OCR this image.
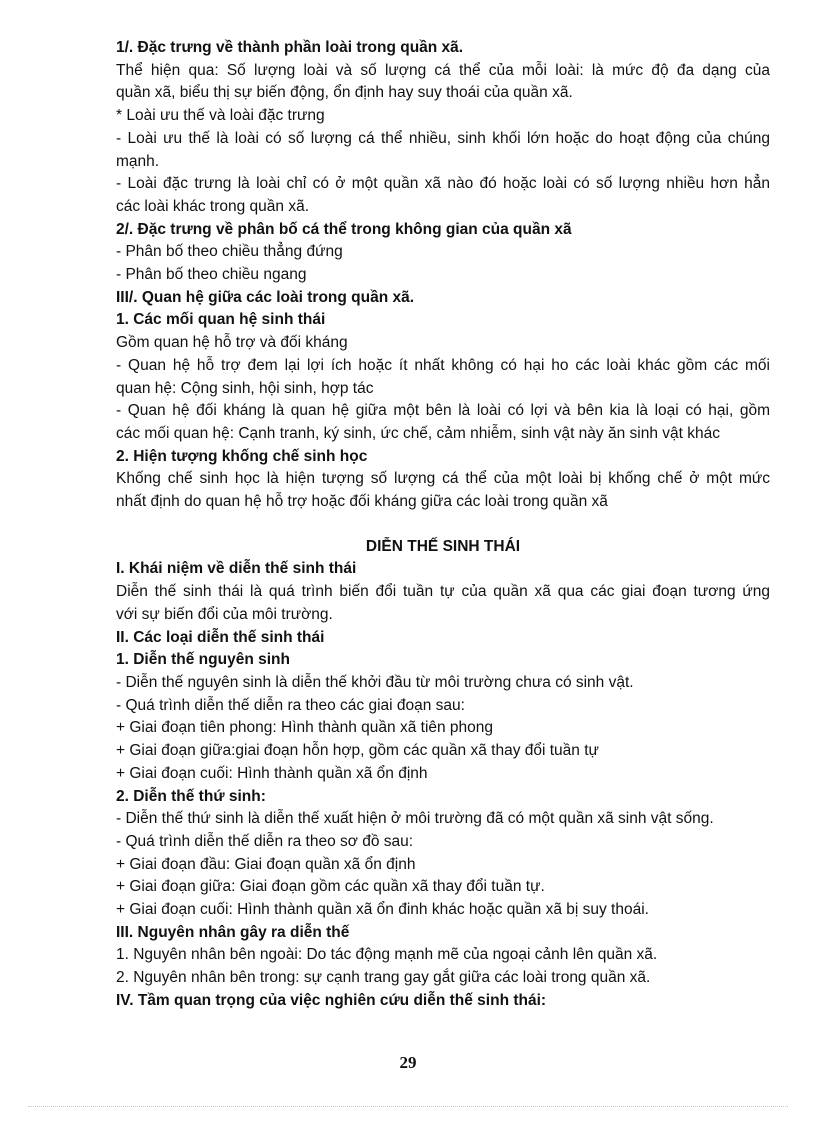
1/. Đặc trưng về thành phần loài trong quần xã.
Thể hiện qua: Số lượng loài và số lượng cá thể của mỗi loài: là mức độ đa dạng của
quần xã, biểu thị sự biến động, ổn định hay suy thoái của quần xã.
* Loài ưu thế và loài đặc trưng
- Loài ưu thế là loài có số lượng cá thể nhiều, sinh khối lớn hoặc do hoạt động của chúng
mạnh.
- Loài đặc trưng là loài chỉ có ở một quần xã nào đó hoặc loài có số lượng nhiều hơn hẳn
các loài khác trong quần xã.
2/. Đặc trưng về phân bố cá thể trong không gian của quần xã
- Phân bố theo chiều thẳng đứng
- Phân bố theo chiều ngang
III/. Quan hệ giữa các loài trong quần xã.
1. Các mối quan hệ sinh thái
Gồm quan hệ hỗ trợ và đối kháng
- Quan hệ hỗ trợ đem lại lợi ích hoặc ít nhất không có hại ho các loài khác gồm các mối
quan hệ: Cộng sinh, hội sinh, hợp tác
- Quan hệ đối kháng là quan hệ giữa một bên là loài có lợi và bên kia là loại có hại, gồm
các mối quan hệ: Cạnh tranh, ký sinh, ức chế, cảm nhiễm, sinh vật này ăn sinh vật khác
2. Hiện tượng khống chế sinh học
Khống chế sinh học là hiện tượng số lượng cá thể của một loài bị khống chế ở một mức
nhất định do quan hệ hỗ trợ hoặc đối kháng giữa các loài trong quần xã
DIỄN THẾ SINH THÁI
I. Khái niệm về diễn thế sinh thái
Diễn thế sinh thái là quá trình biến đổi tuần tự của quần xã qua các giai đoạn tương ứng
với sự biến đổi của môi trường.
II. Các loại diễn thế sinh thái
1. Diễn thế nguyên sinh
- Diễn thế nguyên sinh là diễn thế khởi đầu từ môi trường chưa có sinh vật.
- Quá trình diễn thế diễn ra theo các giai đoạn sau:
+ Giai đoạn tiên phong: Hình thành quần xã tiên phong
+ Giai đoạn giữa:giai đoạn hỗn hợp, gồm các quần xã thay đổi tuần tự
+ Giai đoạn cuối: Hình thành quần xã ổn định
2. Diễn thế thứ sinh:
- Diễn thế thứ sinh là diễn thế xuất hiện ở môi trường đã có một quần xã sinh vật sống.
- Quá trình diễn thế diễn ra theo sơ đồ sau:
+ Giai đoạn đầu: Giai đoạn quần xã ổn định
+ Giai đoạn giữa: Giai đoạn gồm các quần xã thay đổi tuần tự.
+ Giai đoạn cuối: Hình thành quần xã ổn đinh khác hoặc quần xã bị suy thoái.
III. Nguyên nhân gây ra diễn thế
1. Nguyên nhân bên ngoài: Do tác động mạnh mẽ của ngoại cảnh lên quần xã.
2. Nguyên nhân bên trong: sự cạnh trang gay gắt giữa các loài trong quần xã.
IV. Tầm quan trọng của việc nghiên cứu diễn thế sinh thái:
29
